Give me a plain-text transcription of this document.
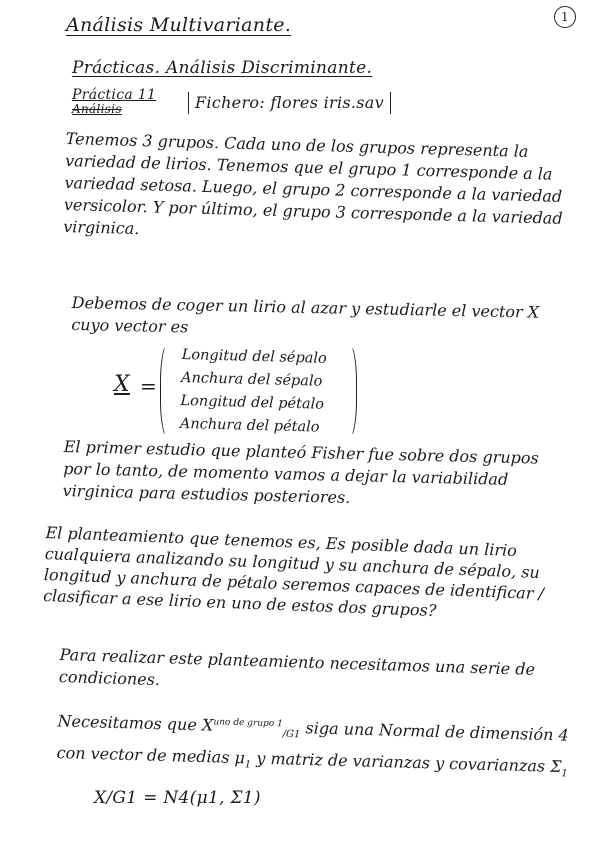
Análisis Multivariante.	1
Prácticas. Análisis Discriminante.
Práctica 11
Análisis	Fichero: flores iris.sav
Tenemos 3 grupos. Cada uno de los grupos representa la variedad de lirios. Tenemos que el grupo 1 corresponde a la variedad setosa. Luego, el grupo 2 corresponde a la variedad versicolor. Y por último, el grupo 3 corresponde a la variedad virginica.
Debemos de coger un lirio al azar y estudiarle el vector X cuyo vector es
X =
Longitud del sépalo
Anchura del sépalo
Longitud del pétalo
Anchura del pétalo
El primer estudio que planteó Fisher fue sobre dos grupos por lo tanto, de momento vamos a dejar la variabilidad virginica para estudios posteriores.
El planteamiento que tenemos es, Es posible dada un lirio cualquiera analizando su longitud y su anchura de sépalo, su longitud y anchura de pétalo seremos capaces de identificar / clasificar a ese lirio en uno de estos dos grupos?
Para realizar este planteamiento necesitamos una serie de condiciones.
Necesitamos que $X^{uno de grupo 1}_{/G1}$ siga una Normal de dimensión 4 con vector de medias $\mu_1$ y matriz de varianzas y covarianzas $\Sigma_1$
X/G1 = N4(μ1, Σ1)
